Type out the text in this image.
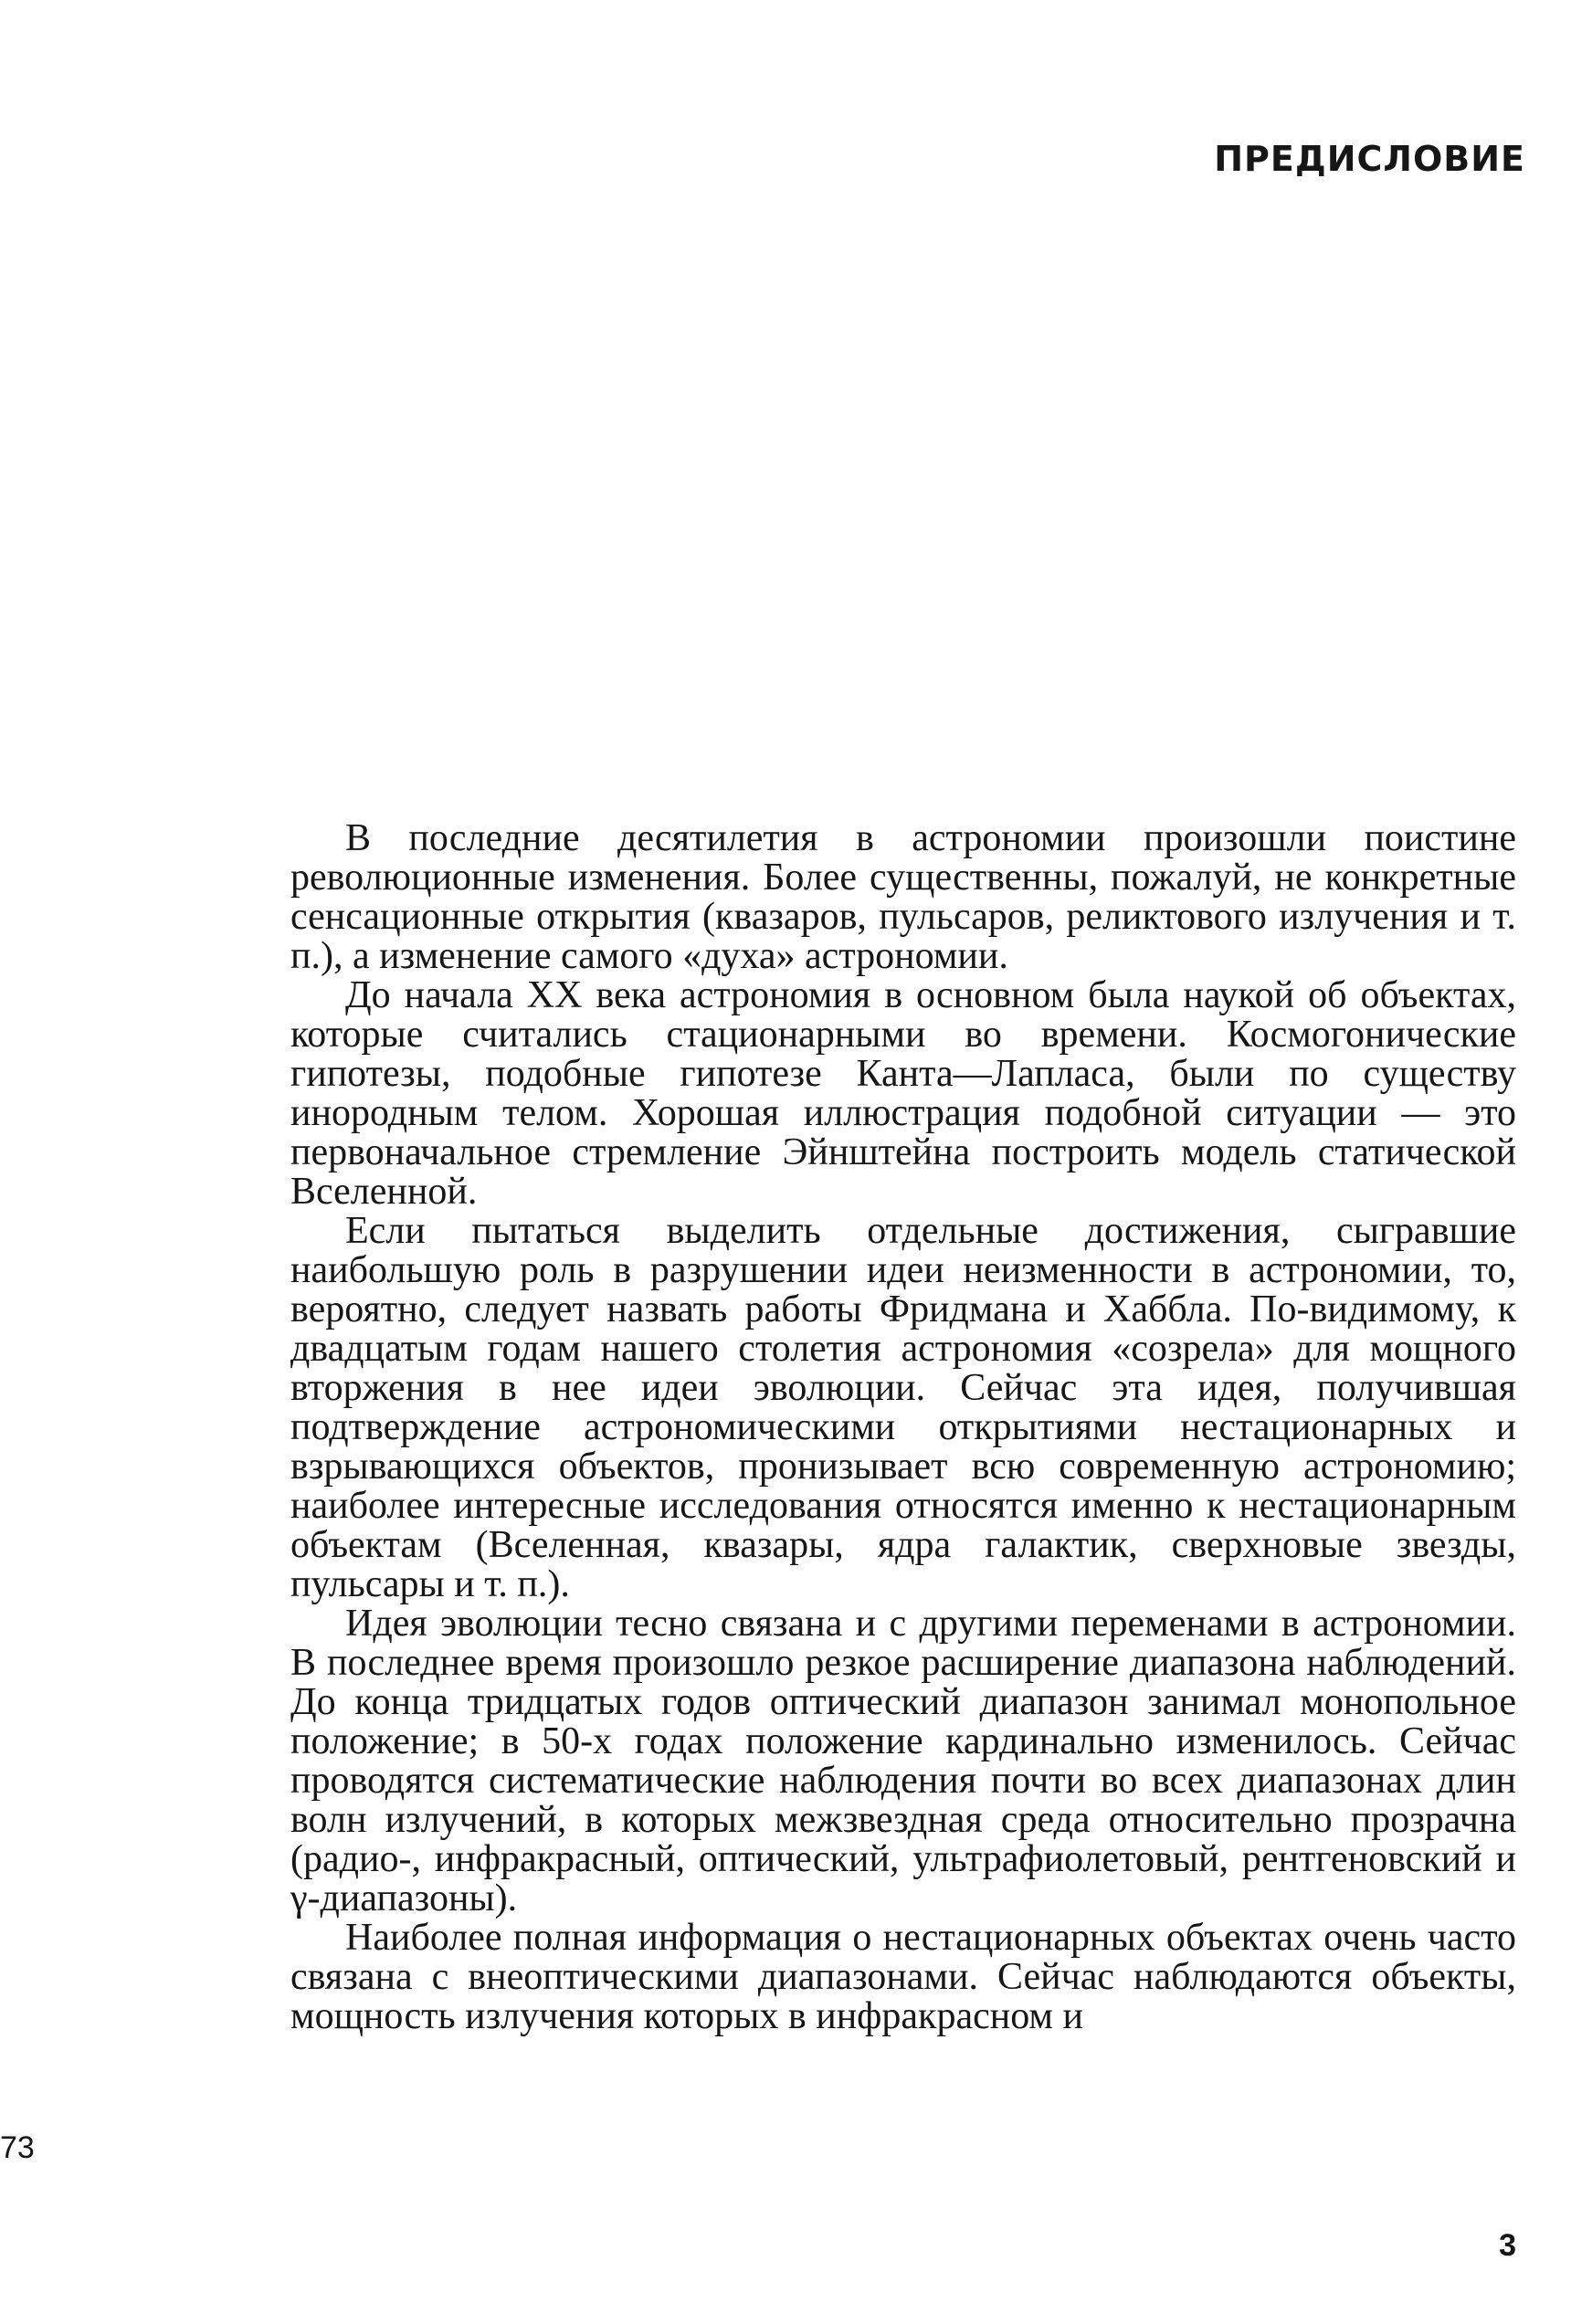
ПРЕДИСЛОВИЕ

В последние десятилетия в астрономии произошли поистине революционные изменения. Более существенны, пожалуй, не конкретные сенсационные открытия (квазаров, пульсаров, реликтового излучения и т. п.), а изменение самого «духа» астрономии.

До начала XX века астрономия в основном была наукой об объектах, которые считались стационарными во времени. Космогонические гипотезы, подобные гипотезе Канта—Лапласа, были по существу инородным телом. Хорошая иллюстрация подобной ситуации — это первоначальное стремление Эйнштейна построить модель статической Вселенной.

Если пытаться выделить отдельные достижения, сыгравшие наибольшую роль в разрушении идеи неизменности в астрономии, то, вероятно, следует назвать работы Фридмана и Хаббла. По-видимому, к двадцатым годам нашего столетия астрономия «созрела» для мощного вторжения в нее идеи эволюции. Сейчас эта идея, получившая подтверждение астрономическими открытиями нестационарных и взрывающихся объектов, пронизывает всю современную астрономию; наиболее интересные исследования относятся именно к нестационарным объектам (Вселенная, квазары, ядра галактик, сверхновые звезды, пульсары и т. п.).

Идея эволюции тесно связана и с другими переменами в астрономии. В последнее время произошло резкое расширение диапазона наблюдений. До конца тридцатых годов оптический диапазон занимал монопольное положение; в 50-х годах положение кардинально изменилось. Сейчас проводятся систематические наблюдения почти во всех диапазонах длин волн излучений, в которых межзвездная среда относительно прозрачна (радио-, инфракрасный, оптический, ультрафиолетовый, рентгеновский и γ-диапазоны).

Наиболее полная информация о нестационарных объектах очень часто связана с внеоптическими диапазонами. Сейчас наблюдаются объекты, мощность излучения которых в инфракрасном и

73

3
